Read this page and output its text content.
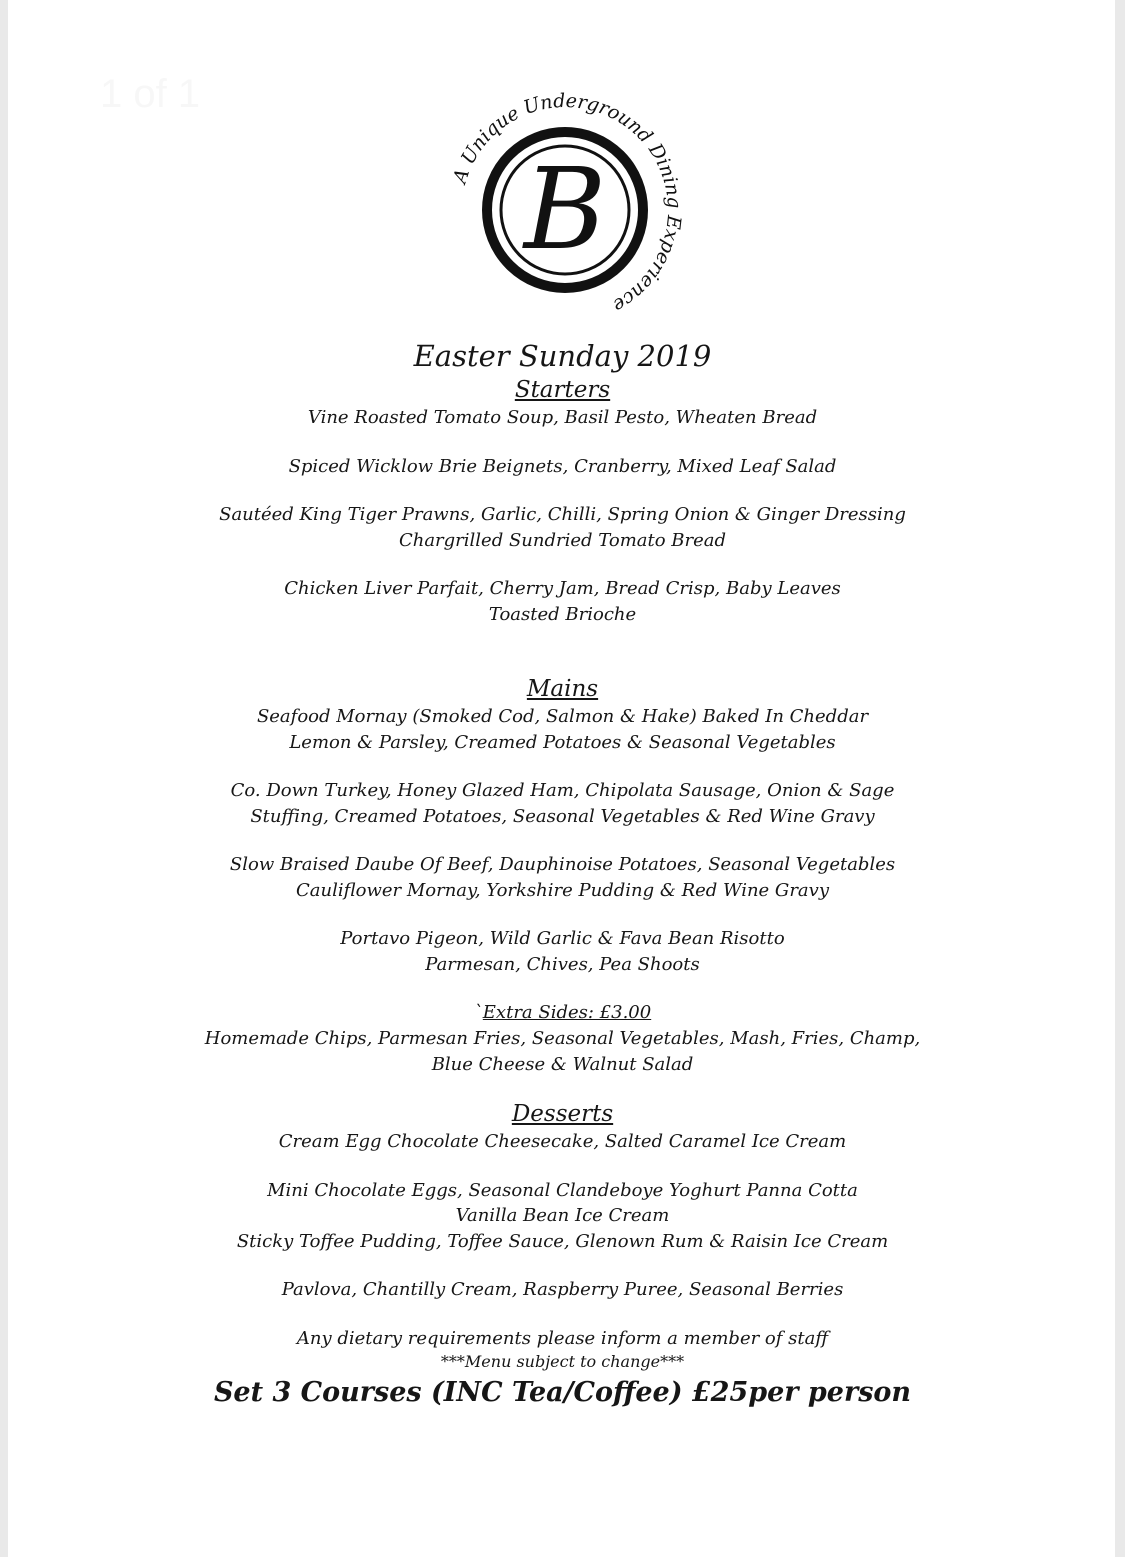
1 of 1
B
A Unique Underground Dining Experience
Easter Sunday 2019
Starters
Vine Roasted Tomato Soup, Basil Pesto, Wheaten Bread
Spiced Wicklow Brie Beignets, Cranberry, Mixed Leaf Salad
Sautéed King Tiger Prawns, Garlic, Chilli, Spring Onion & Ginger Dressing
Chargrilled Sundried Tomato Bread
Chicken Liver Parfait, Cherry Jam, Bread Crisp, Baby Leaves
Toasted Brioche
Mains
Seafood Mornay (Smoked Cod, Salmon & Hake) Baked In Cheddar
Lemon & Parsley, Creamed Potatoes & Seasonal Vegetables
Co. Down Turkey, Honey Glazed Ham, Chipolata Sausage, Onion & Sage
Stuffing, Creamed Potatoes, Seasonal Vegetables & Red Wine Gravy
Slow Braised Daube Of Beef, Dauphinoise Potatoes, Seasonal Vegetables
Cauliflower Mornay, Yorkshire Pudding & Red Wine Gravy
Portavo Pigeon, Wild Garlic & Fava Bean Risotto
Parmesan, Chives, Pea Shoots
`Extra Sides: £3.00
Homemade Chips, Parmesan Fries, Seasonal Vegetables, Mash, Fries, Champ,
Blue Cheese & Walnut Salad
Desserts
Cream Egg Chocolate Cheesecake, Salted Caramel Ice Cream
Mini Chocolate Eggs, Seasonal Clandeboye Yoghurt Panna Cotta
Vanilla Bean Ice Cream
Sticky Toffee Pudding, Toffee Sauce, Glenown Rum & Raisin Ice Cream
Pavlova, Chantilly Cream, Raspberry Puree, Seasonal Berries
Any dietary requirements please inform a member of staff
***Menu subject to change***
Set 3 Courses (INC Tea/Coffee) £25per person
